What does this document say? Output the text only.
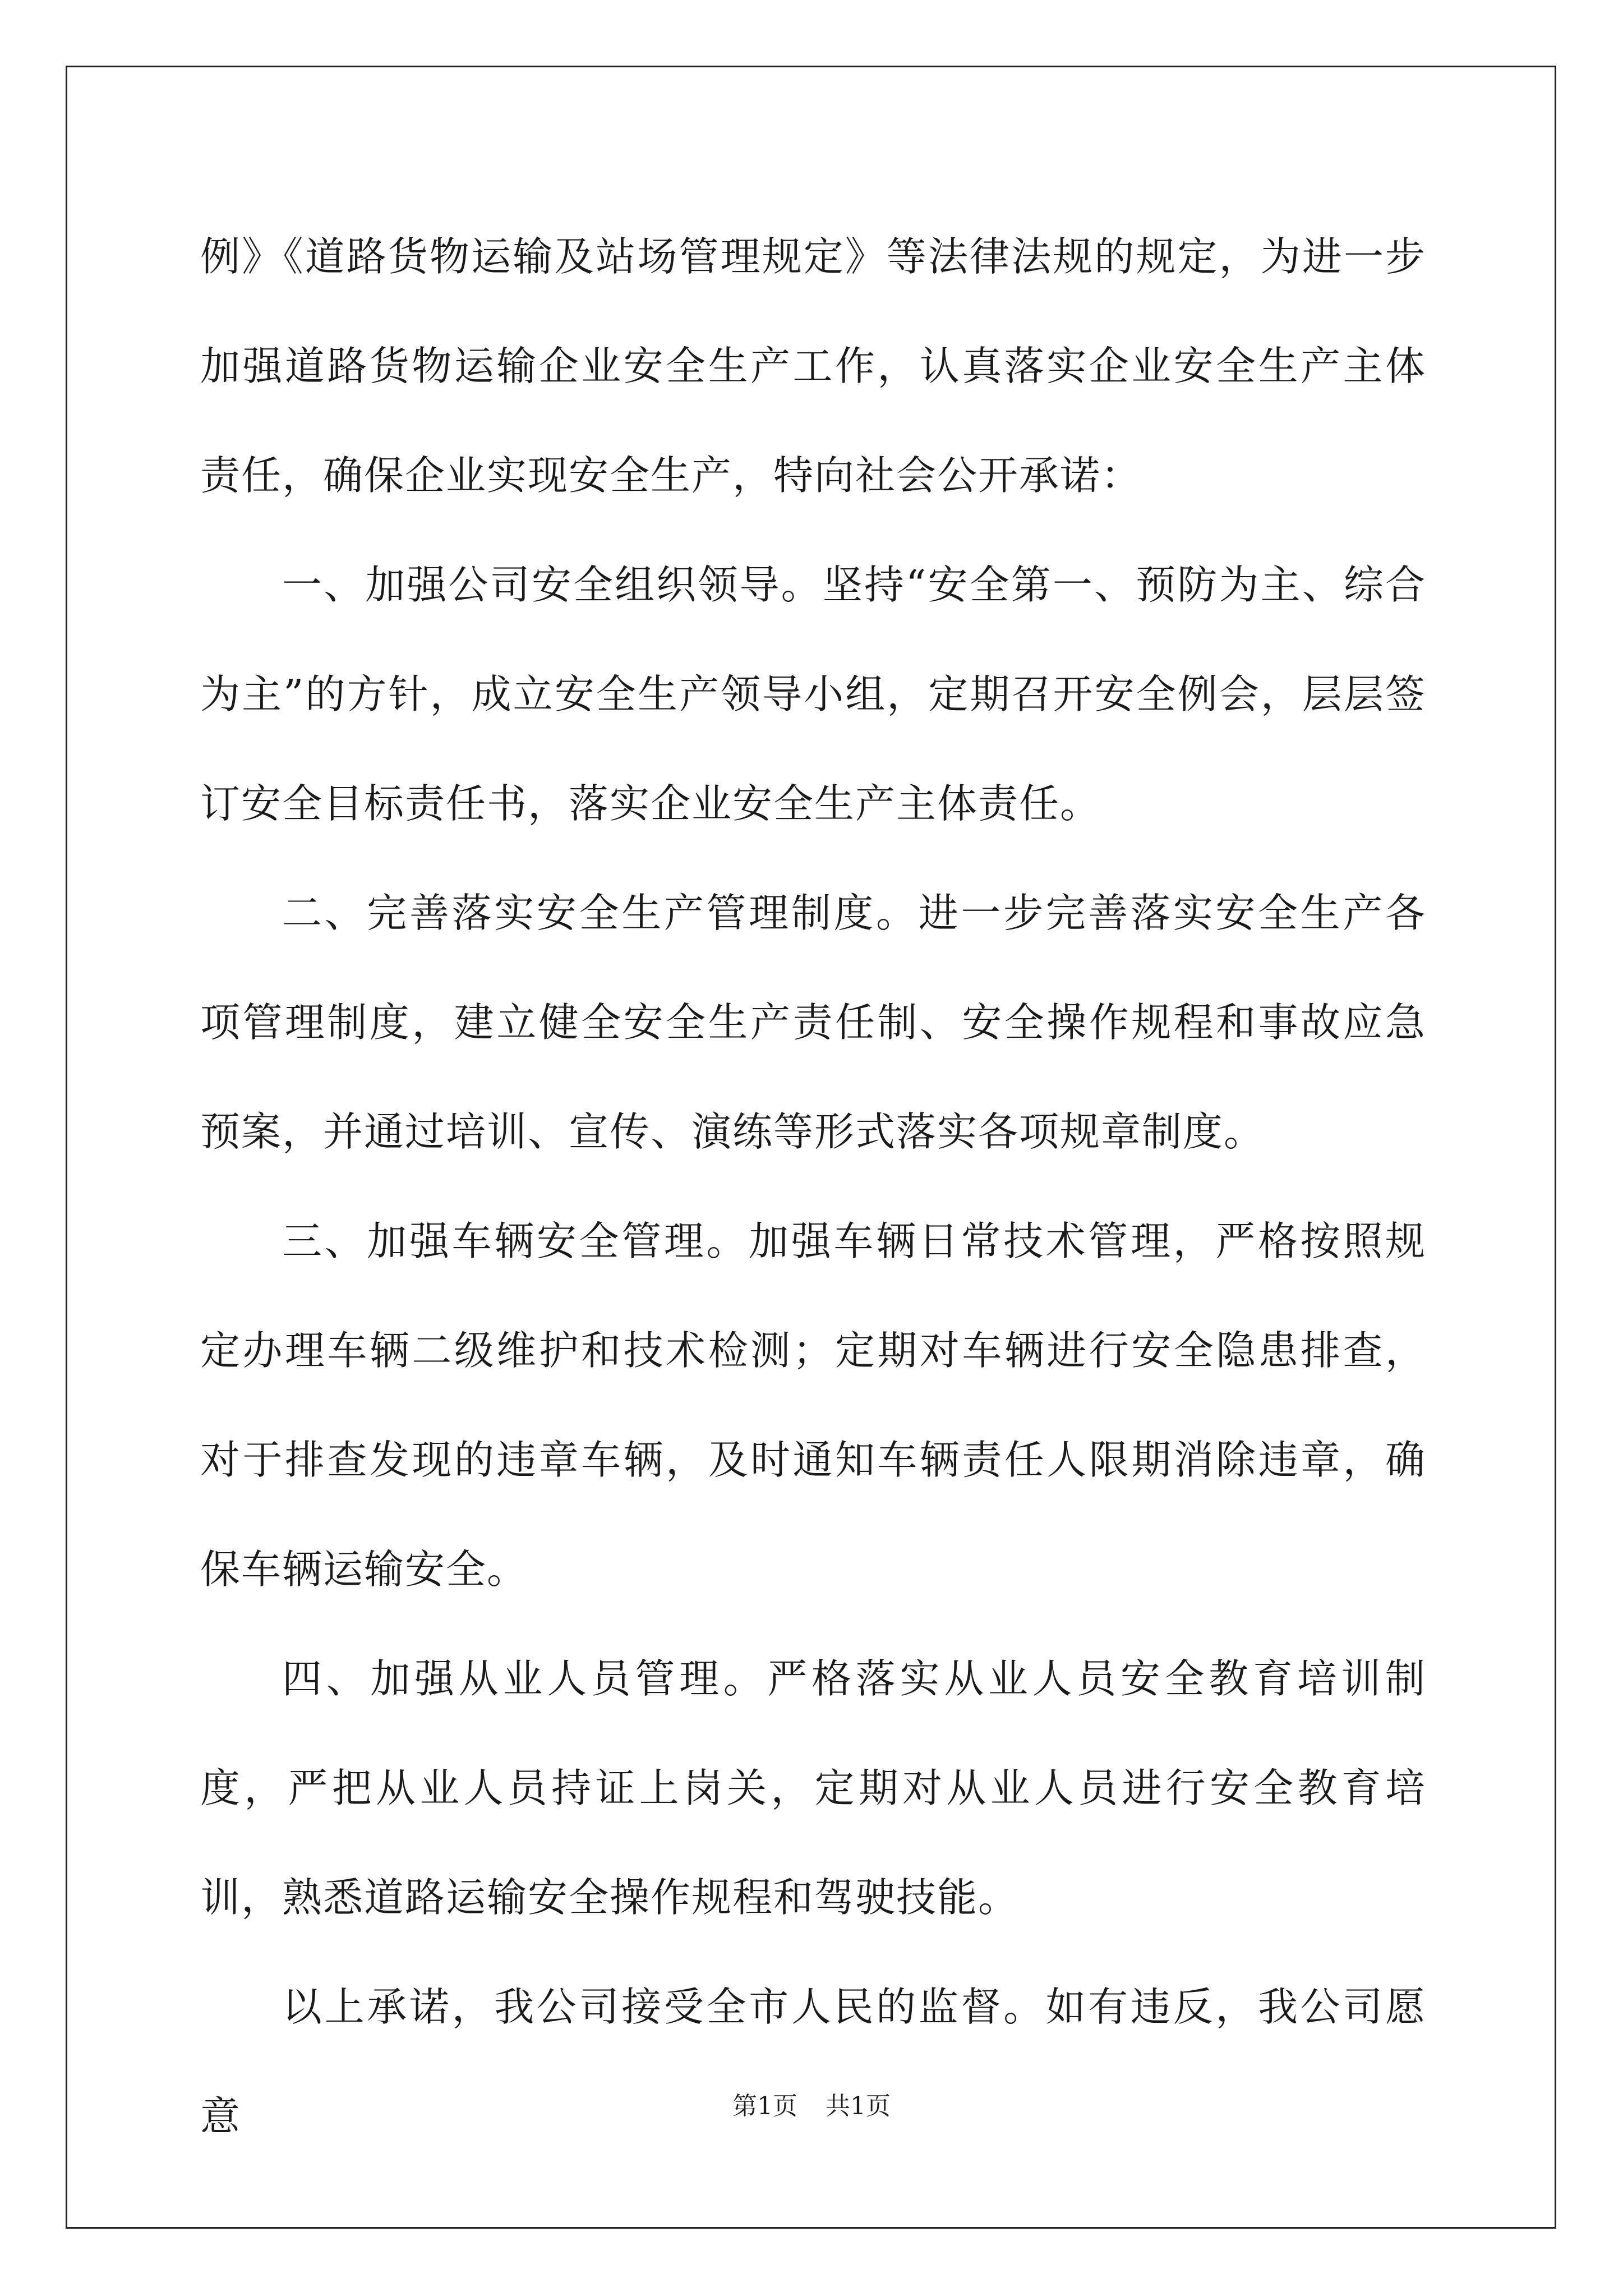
例》《道路货物运输及站场管理规定》等法律法规的规定，为进一步加强道路货物运输企业安全生产工作，认真落实企业安全生产主体责任，确保企业实现安全生产，特向社会公开承诺：

一、加强公司安全组织领导。坚持“安全第一、预防为主、综合为主”的方针，成立安全生产领导小组，定期召开安全例会，层层签订安全目标责任书，落实企业安全生产主体责任。

二、完善落实安全生产管理制度。进一步完善落实安全生产各项管理制度，建立健全安全生产责任制、安全操作规程和事故应急预案，并通过培训、宣传、演练等形式落实各项规章制度。

三、加强车辆安全管理。加强车辆日常技术管理，严格按照规定办理车辆二级维护和技术检测；定期对车辆进行安全隐患排查，对于排查发现的违章车辆，及时通知车辆责任人限期消除违章，确保车辆运输安全。

四、加强从业人员管理。严格落实从业人员安全教育培训制度，严把从业人员持证上岗关，定期对从业人员进行安全教育培训，熟悉道路运输安全操作规程和驾驶技能。

以上承诺，我公司接受全市人民的监督。如有违反，我公司愿意	第1页 共1页
